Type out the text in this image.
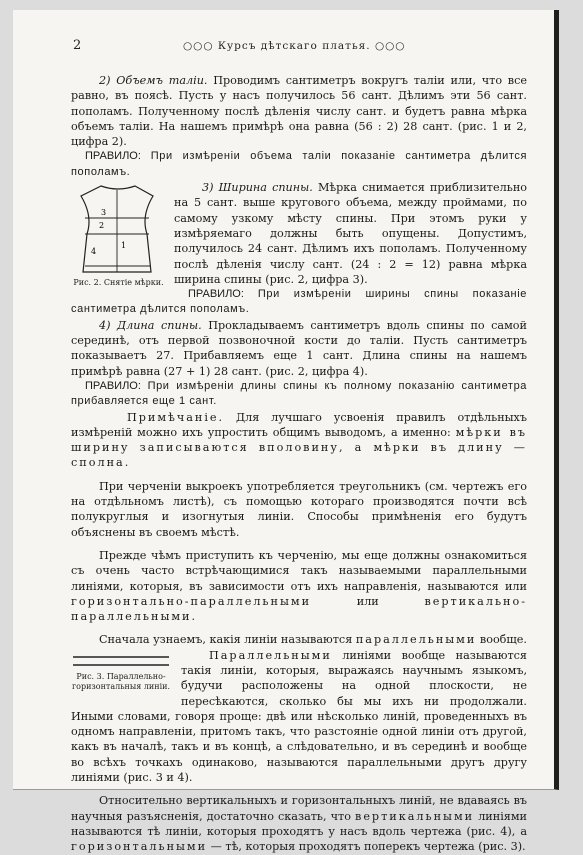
2	○○○ Курсъ дѣтскаго платья. ○○○

2) Объемъ таліи. Проводимъ сантиметръ вокругъ таліи или, что все равно, въ поясѣ. Пусть у насъ получилось 56 сант. Дѣлимъ эти 56 сант. пополамъ. Полученному послѣ дѣленія числу сант. и будетъ равна мѣрка объемъ таліи. На нашемъ примѣрѣ она равна (56 : 2) 28 сант. (рис. 1 и 2, цифра 2).

ПРАВИЛО: При измѣреніи объема таліи показаніе сантиметра дѣлится пополамъ.

3
2
1
4
Рис. 2. Снятіе мѣрки.

3) Ширина спины. Мѣрка снимается приблизительно на 5 сант. выше кругового объема, между проймами, по самому узкому мѣсту спины. При этомъ руки у измѣряемаго должны быть опущены. Допустимъ, получилось 24 сант. Дѣлимъ ихъ пополамъ. Полученному послѣ дѣленія числу сант. (24 : 2 = 12) равна мѣрка ширина спины (рис. 2, цифра 3).

ПРАВИЛО: При измѣреніи ширины спины показаніе сантиметра дѣлится пополамъ.

4) Длина спины. Прокладываемъ сантиметръ вдоль спины по самой серединѣ, отъ первой позвоночной кости до таліи. Пусть сантиметръ показываетъ 27. Прибавляемъ еще 1 сант. Длина спины на нашемъ примѣрѣ равна (27 + 1) 28 сант. (рис. 2, цифра 4).

ПРАВИЛО: При измѣреніи длины спины къ полному показанію сантиметра прибавляется еще 1 сант.

Примѣчаніе. Для лучшаго усвоенія правилъ отдѣльныхъ измѣреній можно ихъ упростить общимъ выводомъ, а именно: мѣрки въ ширину записываются вполовину, а мѣрки въ длину — сполна.

При черченіи выкроекъ употребляется треугольникъ (см. чертежъ его на отдѣльномъ листѣ), съ помощью котораго производятся почти всѣ полукруглыя и изогнутыя линіи. Способы примѣненія его будутъ объяснены въ своемъ мѣстѣ.

Прежде чѣмъ приступить къ черченію, мы еще должны ознакомиться съ очень часто встрѣчающимися такъ называемыми параллельными линіями, которыя, въ зависимости отъ ихъ направленія, называются или горизонтально-параллельными	или	вертикально-параллельными.

Сначала узнаемъ, какія линіи называются параллельными вообще.

Рис. 3. Параллельно-горизонтальныя линіи.

Параллельными линіями вообще называются такія линіи, которыя, выражаясь научнымъ языкомъ, будучи расположены на одной плоскости, не пересѣкаются, сколько бы мы ихъ ни продолжали. Иными словами, говоря проще: двѣ или нѣсколько линій, проведенныхъ въ одномъ направленіи, притомъ такъ, что разстояніе одной линіи отъ другой, какъ въ началѣ, такъ и въ концѣ, а слѣдовательно, и въ серединѣ и вообще во всѣхъ точкахъ одинаково, называются параллельными другъ другу линіями (рис. 3 и 4).

Относительно вертикальныхъ и горизонтальныхъ линій, не вдаваясь въ научныя разъясненія, достаточно сказать, что вертикальными линіями называются тѣ линіи, которыя проходятъ у насъ вдоль чертежа (рис. 4), а горизонтальными — тѣ, которыя проходятъ поперекъ чертежа (рис. 3).
